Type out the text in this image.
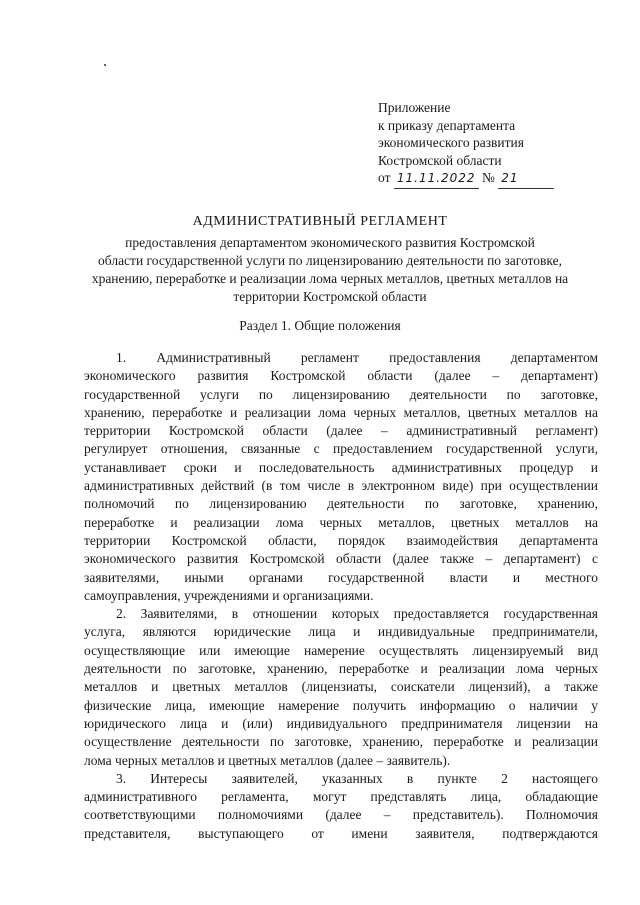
Приложение
к приказу департамента
экономического развития
Костромской области
от 11.11.2022 № 21
АДМИНИСТРАТИВНЫЙ РЕГЛАМЕНТ
предоставления департаментом экономического развития Костромской
области государственной услуги по лицензированию деятельности по заготовке,
хранению, переработке и реализации лома черных металлов, цветных металлов на
территории Костромской области
Раздел 1. Общие положения
1. Административный регламент предоставления департаментом
экономического развития Костромской области (далее – департамент)
государственной услуги по лицензированию деятельности по заготовке,
хранению, переработке и реализации лома черных металлов, цветных металлов на
территории Костромской области (далее – административный регламент)
регулирует отношения, связанные с предоставлением государственной услуги,
устанавливает сроки и последовательность административных процедур и
административных действий (в том числе в электронном виде) при осуществлении
полномочий по лицензированию деятельности по заготовке, хранению,
переработке и реализации лома черных металлов, цветных металлов на
территории Костромской области, порядок взаимодействия департамента
экономического развития Костромской области (далее также – департамент) с
заявителями, иными органами государственной власти и местного
самоуправления, учреждениями и организациями.
2. Заявителями, в отношении которых предоставляется государственная
услуга, являются юридические лица и индивидуальные предприниматели,
осуществляющие или имеющие намерение осуществлять лицензируемый вид
деятельности по заготовке, хранению, переработке и реализации лома черных
металлов и цветных металлов (лицензиаты, соискатели лицензий), а также
физические лица, имеющие намерение получить информацию о наличии у
юридического лица и (или) индивидуального предпринимателя лицензии на
осуществление деятельности по заготовке, хранению, переработке и реализации
лома черных металлов и цветных металлов (далее – заявитель).
3. Интересы заявителей, указанных в пункте 2 настоящего
административного регламента, могут представлять лица, обладающие
соответствующими полномочиями (далее – представитель). Полномочия
представителя, выступающего от имени заявителя, подтверждаются
